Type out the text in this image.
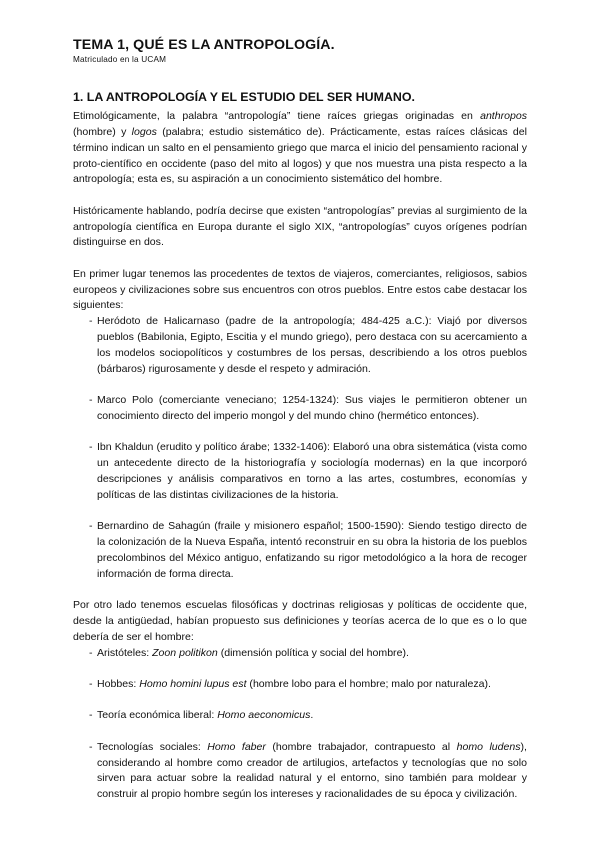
TEMA 1, QUÉ ES LA ANTROPOLOGÍA.
Matriculado en la UCAM
1. LA ANTROPOLOGÍA Y EL ESTUDIO DEL SER HUMANO.

Etimológicamente, la palabra “antropología” tiene raíces griegas originadas en anthropos (hombre) y logos (palabra; estudio sistemático de). Prácticamente, estas raíces clásicas del término indican un salto en el pensamiento griego que marca el inicio del pensamiento racional y proto-científico en occidente (paso del mito al logos) y que nos muestra una pista respecto a la antropología; esta es, su aspiración a un conocimiento sistemático del hombre.

Históricamente hablando, podría decirse que existen “antropologías” previas al surgimiento de la antropología científica en Europa durante el siglo XIX, “antropologías” cuyos orígenes podrían distinguirse en dos.

En primer lugar tenemos las procedentes de textos de viajeros, comerciantes, religiosos, sabios europeos y civilizaciones sobre sus encuentros con otros pueblos. Entre estos cabe destacar los siguientes:

- Heródoto de Halicarnaso (padre de la antropología; 484-425 a.C.): Viajó por diversos pueblos (Babilonia, Egipto, Escitia y el mundo griego), pero destaca con su acercamiento a los modelos sociopolíticos y costumbres de los persas, describiendo a los otros pueblos (bárbaros) rigurosamente y desde el respeto y admiración.
- Marco Polo (comerciante veneciano; 1254-1324): Sus viajes le permitieron obtener un conocimiento directo del imperio mongol y del mundo chino (hermético entonces).
- Ibn Khaldun (erudito y político árabe; 1332-1406): Elaboró una obra sistemática (vista como un antecedente directo de la historiografía y sociología modernas) en la que incorporó descripciones y análisis comparativos en torno a las artes, costumbres, economías y políticas de las distintas civilizaciones de la historia.
- Bernardino de Sahagún (fraile y misionero español; 1500-1590): Siendo testigo directo de la colonización de la Nueva España, intentó reconstruir en su obra la historia de los pueblos precolombinos del México antiguo, enfatizando su rigor metodológico a la hora de recoger información de forma directa.

Por otro lado tenemos escuelas filosóficas y doctrinas religiosas y políticas de occidente que, desde la antigüedad, habían propuesto sus definiciones y teorías acerca de lo que es o lo que debería de ser el hombre:

- Aristóteles: Zoon politikon (dimensión política y social del hombre).
- Hobbes: Homo homini lupus est (hombre lobo para el hombre; malo por naturaleza).
- Teoría económica liberal: Homo aeconomicus.
- Tecnologías sociales: Homo faber (hombre trabajador, contrapuesto al homo ludens), considerando al hombre como creador de artilugios, artefactos y tecnologías que no solo sirven para actuar sobre la realidad natural y el entorno, sino también para moldear y construir al propio hombre según los intereses y racionalidades de su época y civilización.
